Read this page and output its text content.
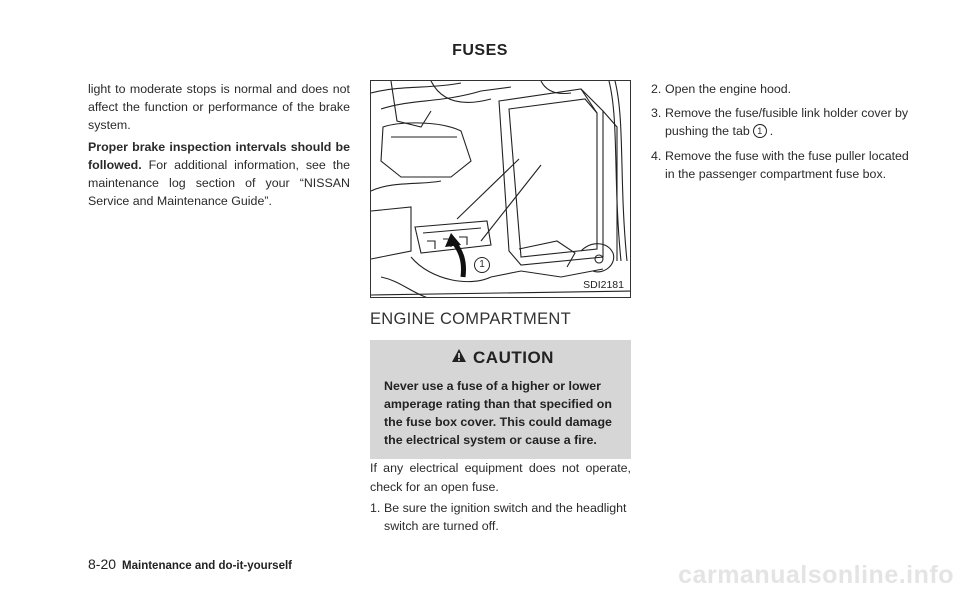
FUSES

light to moderate stops is normal and does not affect the function or performance of the brake system.

Proper brake inspection intervals should be followed. For additional information, see the maintenance log section of your “NISSAN Service and Maintenance Guide”.

1
SDI2181
ENGINE COMPARTMENT
CAUTION
Never use a fuse of a higher or lower amperage rating than that specified on the fuse box cover. This could damage the electrical system or cause a fire.

If any electrical equipment does not operate, check for an open fuse.

1. Be sure the ignition switch and the headlight switch are turned off.
2. Open the engine hood.
3. Remove the fuse/fusible link holder cover by pushing the tab 1 .
4. Remove the fuse with the fuse puller located in the passenger compartment fuse box.
8-20 Maintenance and do-it-yourself	carmanualsonline.info
